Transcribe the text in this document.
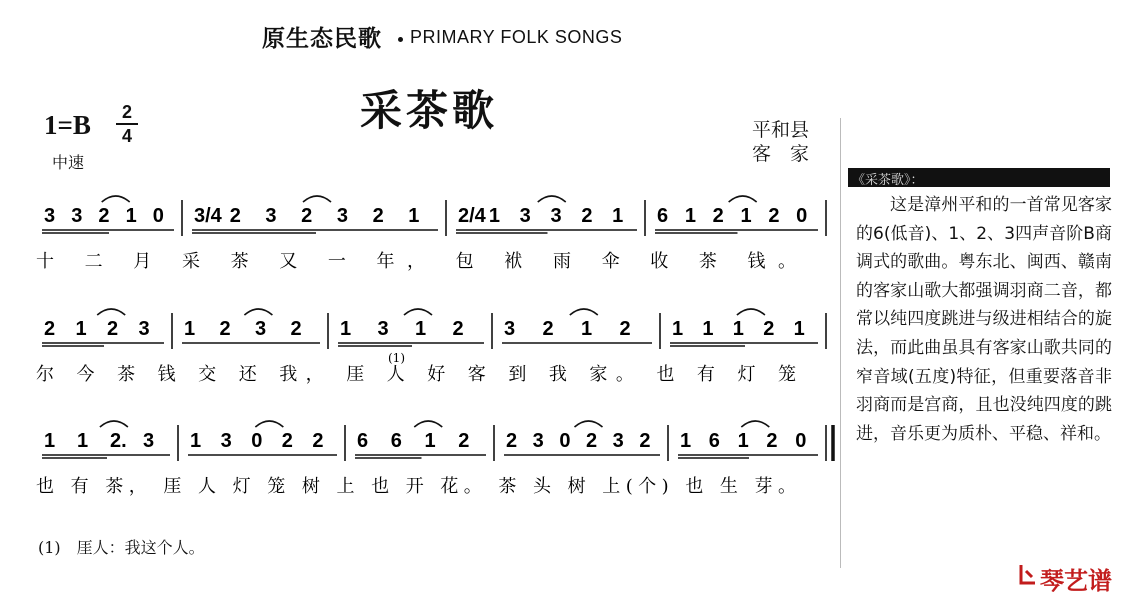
原生态民歌 PRIMARY FOLK SONGS
采茶歌
1=B	2
4
中速
平和县
客　家
3 3 2 1 0 3/4 2 3 2 3 2 1 2/4 1 3 3 2 1 6 1 2 1 2 0
十 二 月 采 茶 又 一 年， 包 袱 雨 伞 收 茶 钱。
2 1 2 3 1 2 3 2 1 3 1 2 3 2 1 2 1 1 1 2 1
尔 今 茶 钱 交 还 我， 厓 人 好 客 到 我 家。 也 有 灯 笼
1 1 2. 3 1 3 0 2 2 6 6 1 2 2 3 0 2 3 2 1 6 1 2 0
也 有 茶， 厓 人 灯 笼 树 上 也 开 花。 茶 头 树 上(个) 也 生 芽。
(1)
(1)　厓人：我这个人。
《采茶歌》：
这是漳州平和的一首常见客家的6(低音)、1、2、3四声音阶B商调式的歌曲。粤东北、闽西、赣南的客家山歌大都强调羽商二音，都常以纯四度跳进与级进相结合的旋法，而此曲虽具有客家山歌共同的窄音域(五度)特征，但重要落音非羽商而是宫商，且也没纯四度的跳进，音乐更为质朴、平稳、祥和。
琴艺谱
